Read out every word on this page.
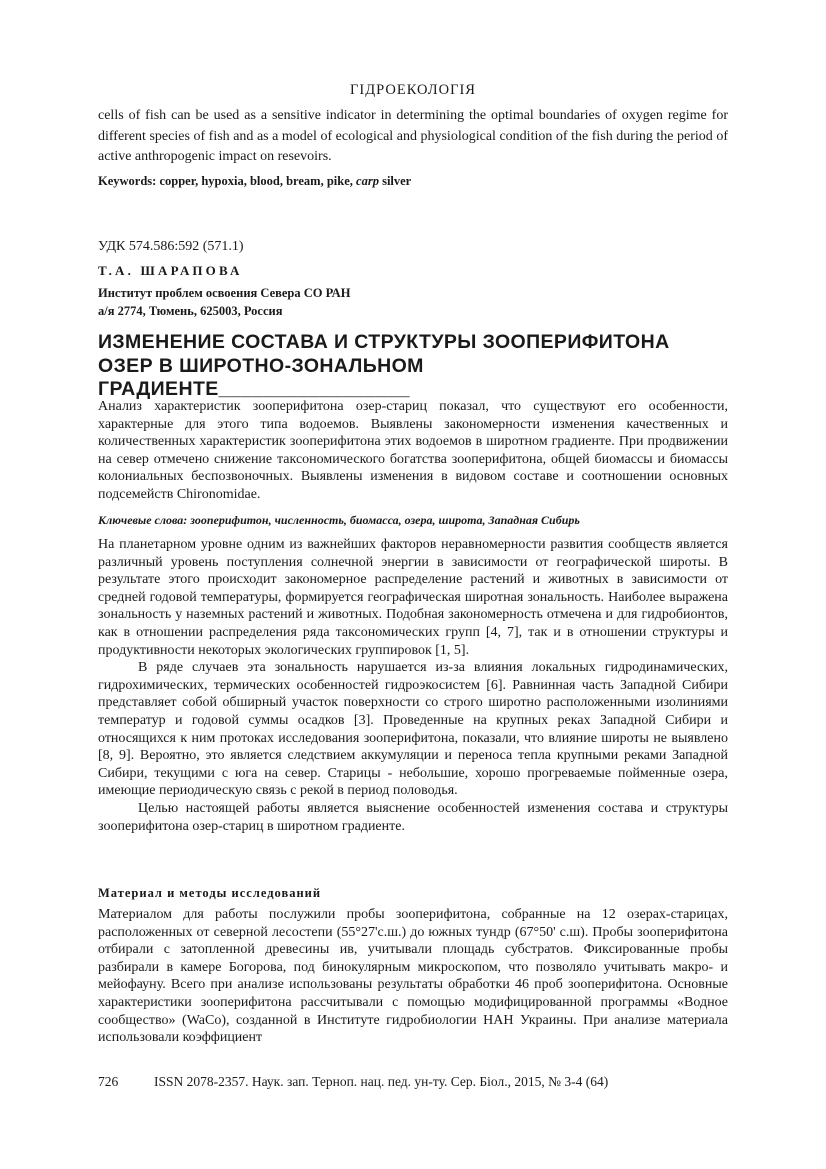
ГІДРОЕКОЛОГІЯ
cells of fish can be used as a sensitive indicator in determining the optimal boundaries of oxygen regime for different species of fish and as a model of ecological and physiological condition of the fish during the period of active anthropogenic impact on resevoirs.
Keywords: copper, hypoxia, blood, bream, pike, carp silver
УДК 574.586:592 (571.1)
Т.А. ШАРАПОВА
Институт проблем освоения Севера СО РАН
а/я 2774, Тюмень, 625003, Россия
ИЗМЕНЕНИЕ СОСТАВА И СТРУКТУРЫ ЗООПЕРИФИТОНА
ОЗЕР В ШИРОТНО-ЗОНАЛЬНОМ ГРАДИЕНТЕ_________________
Анализ характеристик зооперифитона озер-стариц показал, что существуют его особенности, характерные для этого типа водоемов. Выявлены закономерности изменения качественных и количественных характеристик зооперифитона этих водоемов в широтном градиенте. При продвижении на север отмечено снижение таксономического богатства зооперифитона, общей биомассы и биомассы колониальных беспозвоночных. Выявлены изменения в видовом составе и соотношении основных подсемейств Chironomidae.
Ключевые слова: зооперифитон, численность, биомасса, озера, широта, Западная Сибирь

На планетарном уровне одним из важнейших факторов неравномерности развития сообществ является различный уровень поступления солнечной энергии в зависимости от географической широты. В результате этого происходит закономерное распределение растений и животных в зависимости от средней годовой температуры, формируется географическая широтная зональность. Наиболее выражена зональность у наземных растений и животных. Подобная закономерность отмечена и для гидробионтов, как в отношении распределения ряда таксономических групп [4, 7], так и в отношении структуры и продуктивности некоторых экологических группировок [1, 5].

В ряде случаев эта зональность нарушается из-за влияния локальных гидродинамических, гидрохимических, термических особенностей гидроэкосистем [6]. Равнинная часть Западной Сибири представляет собой обширный участок поверхности со строго широтно расположенными изолиниями температур и годовой суммы осадков [3]. Проведенные на крупных реках Западной Сибири и относящихся к ним протоках исследования зооперифитона, показали, что влияние широты не выявлено [8, 9]. Вероятно, это является следствием аккумуляции и переноса тепла крупными реками Западной Сибири, текущими с юга на север. Старицы - небольшие, хорошо прогреваемые пойменные озера, имеющие периодическую связь с рекой в период половодья.

Целью настоящей работы является выяснение особенностей изменения состава и структуры зооперифитона озер-стариц в широтном градиенте.

Материал и методы исследований
Материалом для работы послужили пробы зооперифитона, собранные на 12 озерах-старицах, расположенных от северной лесостепи (55°27'с.ш.) до южных тундр (67°50' с.ш). Пробы зооперифитона отбирали с затопленной древесины ив, учитывали площадь субстратов. Фиксированные пробы разбирали в камере Богорова, под бинокулярным микроскопом, что позволяло учитывать макро- и мейофауну. Всего при анализе использованы результаты обработки 46 проб зооперифитона. Основные характеристики зооперифитона рассчитывали с помощью модифицированной программы «Водное сообщество» (WaCo), созданной в Институте гидробиологии НАН Украины. При анализе материала использовали коэффициент
726	ISSN 2078-2357. Наук. зап. Терноп. нац. пед. ун-ту. Сер. Біол., 2015, № 3-4 (64)
